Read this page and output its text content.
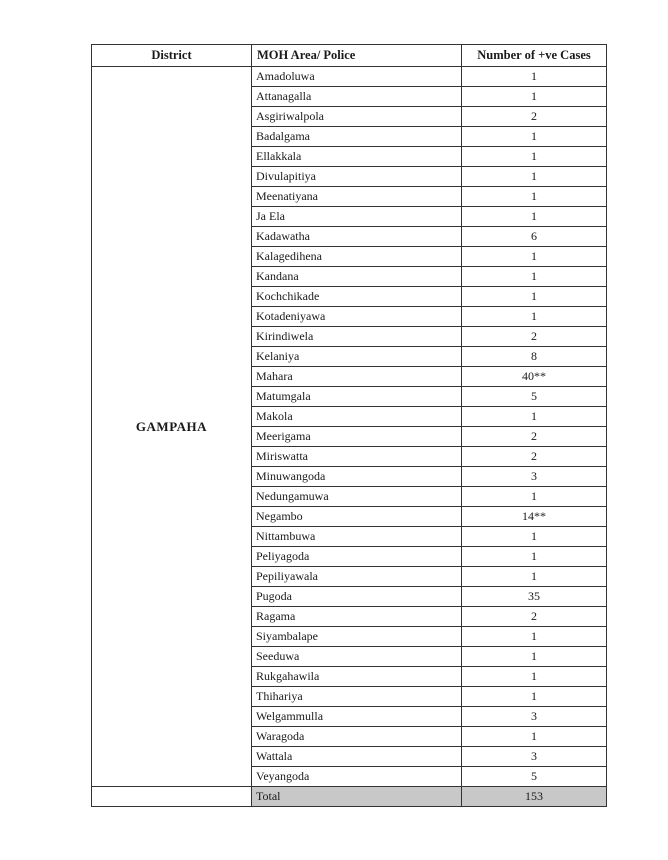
District	MOH Area/ Police	Number of +ve Cases
GAMPAHA	Amadoluwa	1
	Attanagalla	1
	Asgiriwalpola	2
	Badalgama	1
	Ellakkala	1
	Divulapitiya	1
	Meenatiyana	1
	Ja Ela	1
	Kadawatha	6
	Kalagedihena	1
	Kandana	1
	Kochchikade	1
	Kotadeniyawa	1
	Kirindiwela	2
	Kelaniya	8
	Mahara	40**
	Matumgala	5
	Makola	1
	Meerigama	2
	Miriswatta	2
	Minuwangoda	3
	Nedungamuwa	1
	Negambo	14**
	Nittambuwa	1
	Peliyagoda	1
	Pepiliyawala	1
	Pugoda	35
	Ragama	2
	Siyambalape	1
	Seeduwa	1
	Rukgahawila	1
	Thihariya	1
	Welgammulla	3
	Waragoda	1
	Wattala	3
	Veyangoda	5
	Total	153
